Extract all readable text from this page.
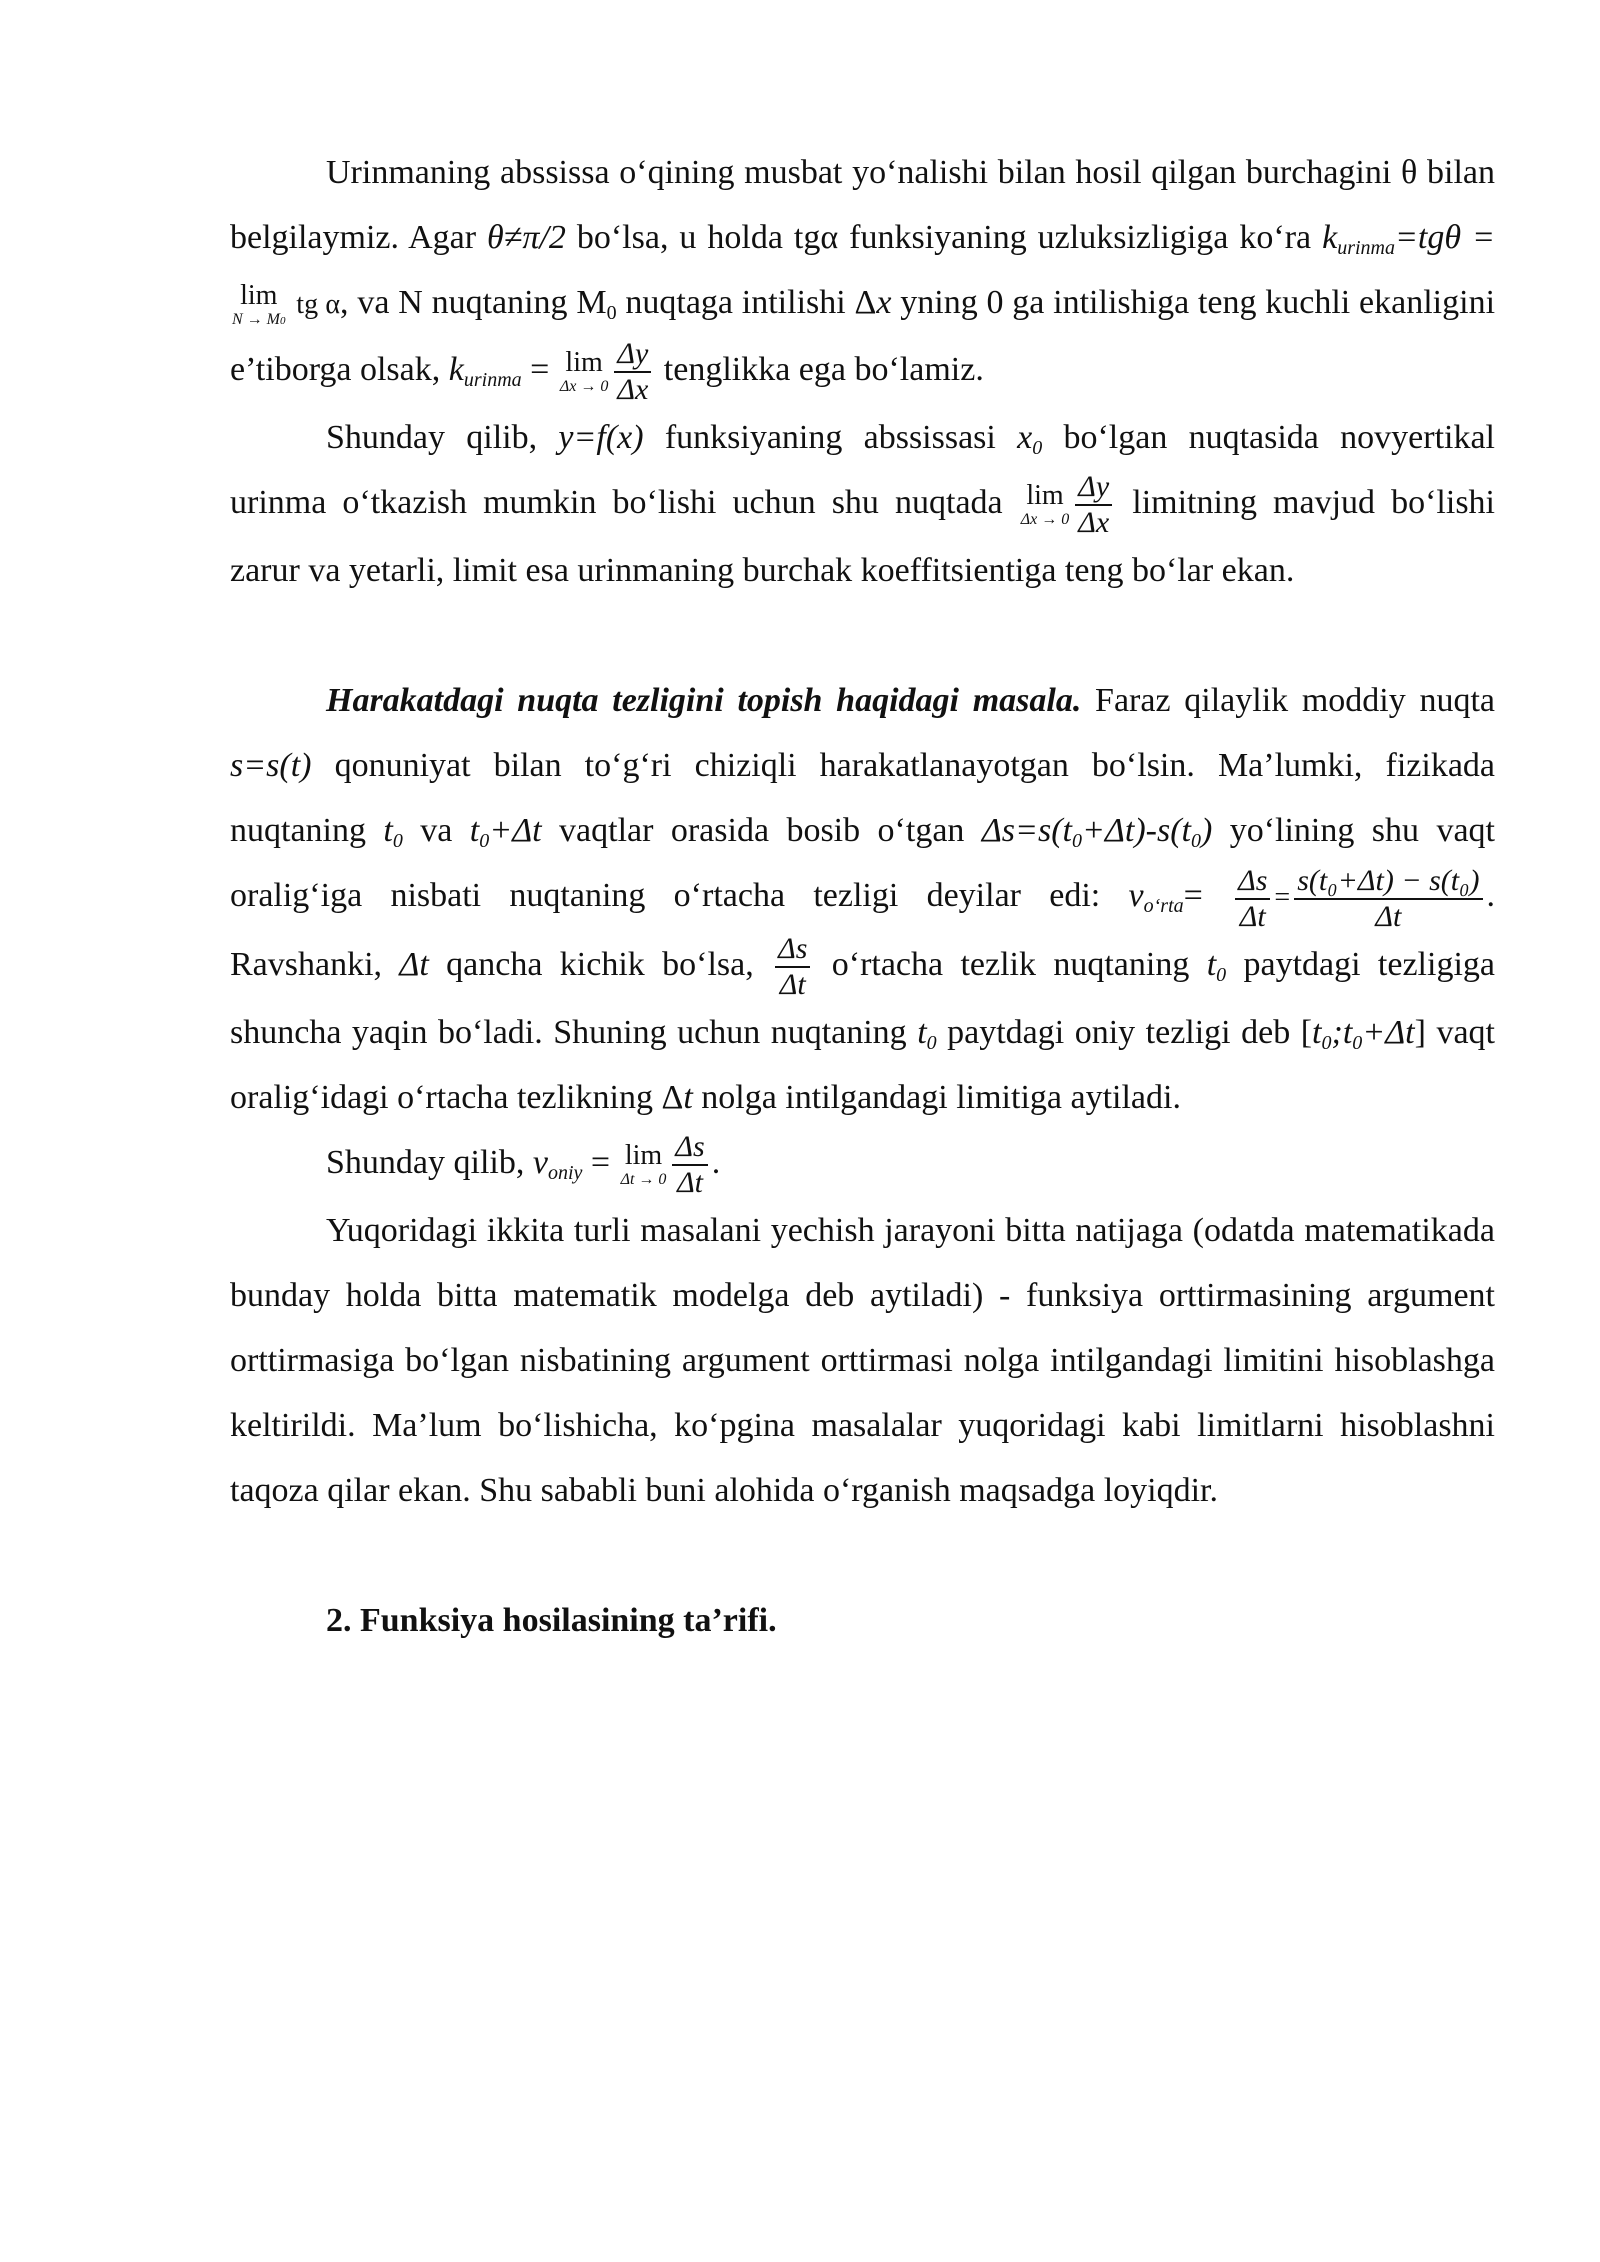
Urinmaning abssissa o‘qining musbat yo‘nalishi bilan hosil qilgan burchagini θ bilan belgilaymiz. Agar θ≠π/2 bo‘lsa, u holda tgα funksiyaning uzluksizligiga ko‘ra $k_{urinma}=tg\theta$ =
lim
N → M0
tg α, va N nuqtaning $M_0$ nuqtaga intilishi Δx yning 0 ga intilishiga teng kuchli ekanligini e’tiborga olsak, $k_{urinma} = \lim$
$\Delta x \to 0 \frac{\Delta y}{\Delta x}$ tenglikka ega bo‘lamiz.

Shunday qilib, y=f(x) funksiyaning abssissasi $x_0$ bo‘lgan nuqtasida novyertikal urinma o‘tkazish mumkin bo‘lishi uchun shu nuqtada lim
$\Delta x \to 0 \frac{\Delta y}{\Delta x}$ limitning mavjud bo‘lishi zarur va yetarli, limit esa urinmaning burchak koeffitsientiga teng bo‘lar ekan.

Harakatdagi nuqta tezligini topish haqidagi masala. Faraz qilaylik moddiy nuqta s=s(t) qonuniyat bilan to‘g‘ri chiziqli harakatlanayotgan bo‘lsin. Ma’lumki, fizikada nuqtaning $t_0$ va $t_0+\Delta t$ vaqtlar orasida bosib o‘tgan $\Delta s=s(t_0+\Delta t)-s(t_0)$ yo‘lining shu vaqt oralig‘iga nisbati nuqtaning o‘rtacha tezligi deyilar edi: $v_{o‘rta}= \frac{\Delta s}{\Delta t} = \frac{\text{s(t₀+Δt) − s(t₀)}}{\Delta t}$ . Ravshanki, Δt qancha kichik bo‘lsa, $\frac{\Delta s}{\Delta t}$ o‘rtacha tezlik nuqtaning $t_0$ paytdagi tezligiga shuncha yaqin bo‘ladi. Shuning uchun nuqtaning $t_0$ paytdagi oniy tezligi deb $[t_0;t_0+\Delta t]$ vaqt oralig‘idagi o‘rtacha tezlikning Δt nolga intilgandagi limitiga aytiladi.

Shunday qilib, $v_{oniy} = \lim$
$\Delta t \to 0 \frac{\Delta s}{\Delta t}$ .

Yuqoridagi ikkita turli masalani yechish jarayoni bitta natijaga (odatda matematikada bunday holda bitta matematik modelga deb aytiladi) - funksiya orttirmasining argument orttirmasiga bo‘lgan nisbatining argument orttirmasi nolga intilgandagi limitini hisoblashga keltirildi. Ma’lum bo‘lishicha, ko‘pgina masalalar yuqoridagi kabi limitlarni hisoblashni taqoza qilar ekan. Shu sababli buni alohida o‘rganish maqsadga loyiqdir.

2. Funksiya hosilasining ta’rifi.
